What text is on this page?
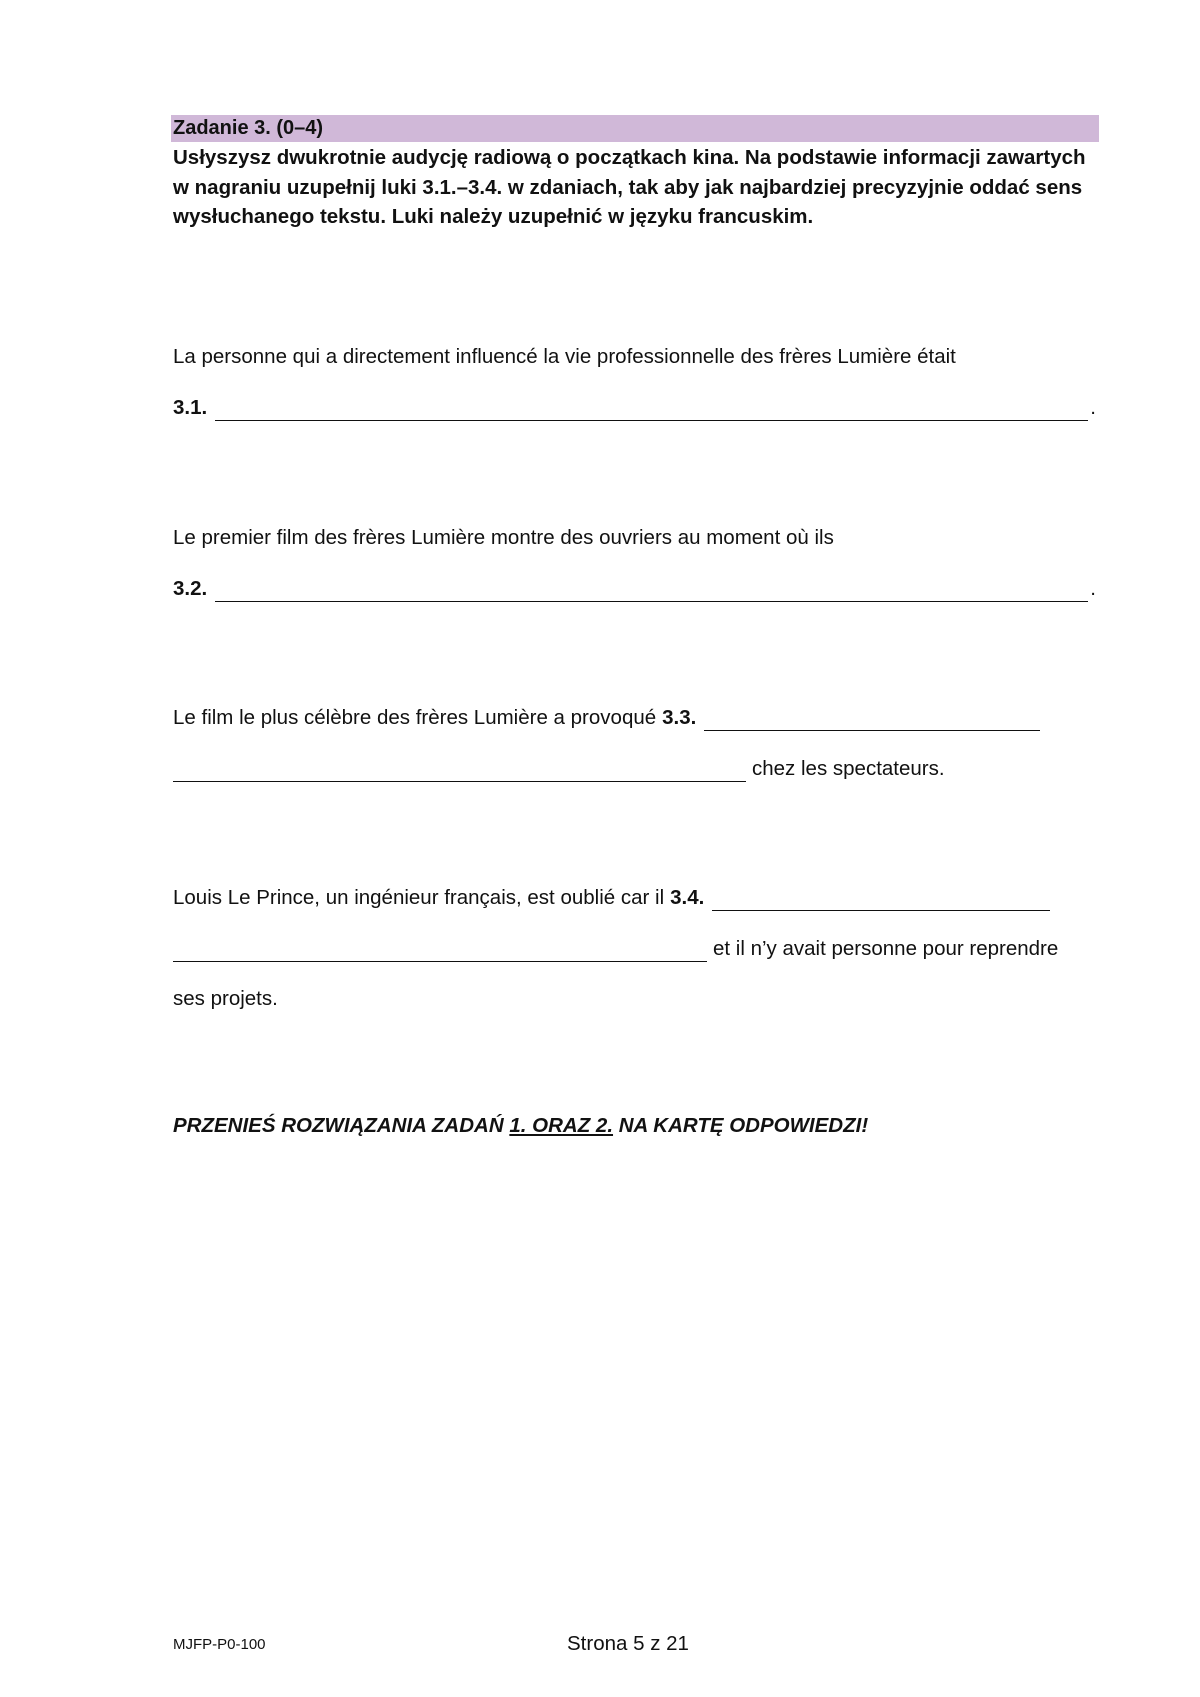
Zadanie 3. (0–4)
Usłyszysz dwukrotnie audycję radiową o początkach kina. Na podstawie informacji zawartych w nagraniu uzupełnij luki 3.1.–3.4. w zdaniach, tak aby jak najbardziej precyzyjnie oddać sens wysłuchanego tekstu. Luki należy uzupełnić w języku francuskim.
La personne qui a directement influencé la vie professionnelle des frères Lumière était
3.1.	.
Le premier film des frères Lumière montre des ouvriers au moment où ils
3.2.	.
Le film le plus célèbre des frères Lumière a provoqué 3.3.
chez les spectateurs.
Louis Le Prince, un ingénieur français, est oublié car il 3.4.
et il n’y avait personne pour reprendre
ses projets.
PRZENIEŚ ROZWIĄZANIA ZADAŃ 1. ORAZ 2. NA KARTĘ ODPOWIEDZI!
MJFP-P0-100	Strona 5 z 21
